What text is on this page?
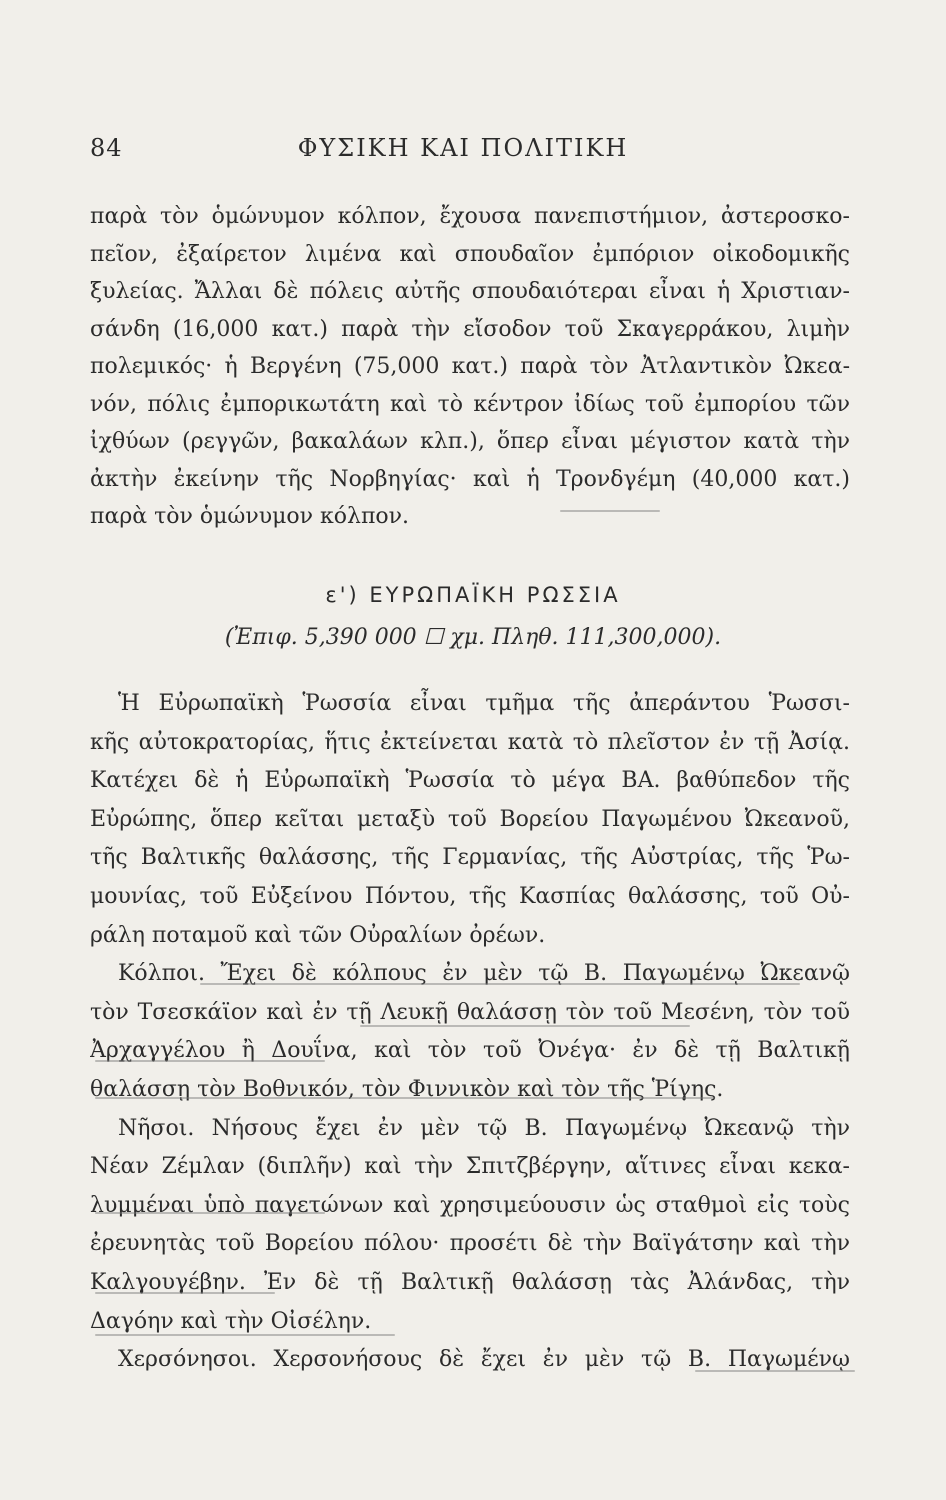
84	ΦΥΣΙΚΗ ΚΑΙ ΠΟΛΙΤΙΚΗ
παρὰ τὸν ὁμώνυμον κόλπον, ἔχουσα πανεπιστήμιον, ἀστεροσκο-
πεῖον, ἐξαίρετον λιμένα καὶ σπουδαῖον ἐμπόριον οἰκοδομικῆς
ξυλείας. Ἄλλαι δὲ πόλεις αὐτῆς σπουδαιότεραι εἶναι ἡ Χριστιαν-
σάνδη (16,000 κατ.) παρὰ τὴν εἴσοδον τοῦ Σκαγερράκου, λιμὴν
πολεμικός· ἡ Βεργένη (75,000 κατ.) παρὰ τὸν Ἀτλαντικὸν Ὠκεα-
νόν, πόλις ἐμπορικωτάτη καὶ τὸ κέντρον ἰδίως τοῦ ἐμπορίου τῶν
ἰχθύων (ρεγγῶν, βακαλάων κλπ.), ὅπερ εἶναι μέγιστον κατὰ τὴν
ἀκτὴν ἐκείνην τῆς Νορβηγίας· καὶ ἡ Τρονδγέμη (40,000 κατ.)
παρὰ τὸν ὁμώνυμον κόλπον.
ε') ΕΥΡΩΠΑΪΚΗ ΡΩΣΣΙΑ
(Ἐπιφ. 5,390 000 ☐ χμ. Πληθ. 111,300,000).
Ἡ Εὐρωπαϊκὴ Ῥωσσία εἶναι τμῆμα τῆς ἀπεράντου Ῥωσσι-
κῆς αὐτοκρατορίας, ἥτις ἐκτείνεται κατὰ τὸ πλεῖστον ἐν τῇ Ἀσίᾳ.
Κατέχει δὲ ἡ Εὐρωπαϊκὴ Ῥωσσία τὸ μέγα ΒΑ. βαθύπεδον τῆς
Εὐρώπης, ὅπερ κεῖται μεταξὺ τοῦ Βορείου Παγωμένου Ὠκεανοῦ,
τῆς Βαλτικῆς θαλάσσης, τῆς Γερμανίας, τῆς Αὐστρίας, τῆς Ῥω-
μουνίας, τοῦ Εὐξείνου Πόντου, τῆς Κασπίας θαλάσσης, τοῦ Οὐ-
ράλη ποταμοῦ καὶ τῶν Οὐραλίων ὀρέων.
Κόλποι. Ἔχει δὲ κόλπους ἐν μὲν τῷ Β. Παγωμένῳ Ὠκεανῷ
τὸν Τσεσκάϊον καὶ ἐν τῇ Λευκῇ θαλάσσῃ τὸν τοῦ Μεσένη, τὸν τοῦ
Ἀρχαγγέλου ἢ Δουΐνα, καὶ τὸν τοῦ Ὀνέγα· ἐν δὲ τῇ Βαλτικῇ
θαλάσσῃ τὸν Βοθνικόν, τὸν Φιννικὸν καὶ τὸν τῆς Ῥίγης.
Νῆσοι. Νήσους ἔχει ἐν μὲν τῷ Β. Παγωμένῳ Ὠκεανῷ τὴν
Νέαν Ζέμλαν (διπλῆν) καὶ τὴν Σπιτζβέργην, αἵτινες εἶναι κεκα-
λυμμέναι ὑπὸ παγετώνων καὶ χρησιμεύουσιν ὡς σταθμοὶ εἰς τοὺς
ἐρευνητὰς τοῦ Βορείου πόλου· προσέτι δὲ τὴν Βαϊγάτσην καὶ τὴν
Καλγουγέβην. Ἐν δὲ τῇ Βαλτικῇ θαλάσσῃ τὰς Ἀλάνδας, τὴν
Δαγόην καὶ τὴν Οἰσέλην.
Χερσόνησοι. Χερσονήσους δὲ ἔχει ἐν μὲν τῷ Β. Παγωμένῳ
